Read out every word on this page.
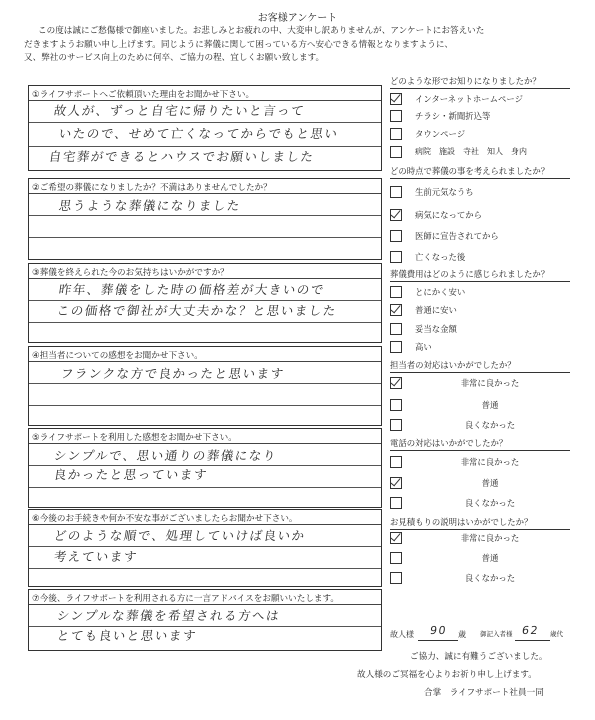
お客様アンケート
この度は誠にご愁傷様で御座いました。お悲しみとお疲れの中、大変申し訳ありませんが、アンケートにお答えいた
だきますようお願い申し上げます。同じように葬儀に関して困っている方へ安心できる情報となりますように、
又、弊社のサービス向上のために何卒、ご協力の程、宜しくお願い致します。
①ライフサポートへご依頼頂いた理由をお聞かせ下さい。
故人が、ずっと自宅に帰りたいと言って
いたので、せめて亡くなってからでもと思い
自宅葬ができるとハウスでお願いしました
②ご希望の葬儀になりましたか？不満はありませんでしたか？
思うような葬儀になりました
③葬儀を終えられた今のお気持ちはいかがですか？
昨年、葬儀をした時の価格差が大きいので
この価格で御社が大丈夫かな？と思いました
④担当者についての感想をお聞かせ下さい。
フランクな方で良かったと思います
⑤ライフサポートを利用した感想をお聞かせ下さい。
シンプルで、思い通りの葬儀になり
良かったと思っています
⑥今後のお手続きや何か不安な事がございましたらお聞かせ下さい。
どのような順で、処理していけば良いか
考えています
⑦今後、ライフサポートを利用される方に一言アドバイスをお願いいたします。
シンプルな葬儀を希望される方へは
とても良いと思います
どのような形でお知りになりましたか？
インターネットホームページ
チラシ・新聞折込等
タウンページ
病院　施設　寺社　知人　身内
どの時点で葬儀の事を考えられましたか？
生前元気なうち
病気になってから
医師に宣告されてから
亡くなった後
葬儀費用はどのように感じられましたか？
とにかく安い
普通に安い
妥当な金額
高い
担当者の対応はいかがでしたか？
非常に良かった
普通
良くなかった
電話の対応はいかがでしたか？
非常に良かった
普通
良くなかった
お見積もりの説明はいかがでしたか？
非常に良かった
普通
良くなかった
故人様 90 歳 御記入者様 62 歳代
ご協力、誠に有難うございました。
故人様のご冥福を心よりお祈り申し上げます。
合掌　ライフサポート社員一同
